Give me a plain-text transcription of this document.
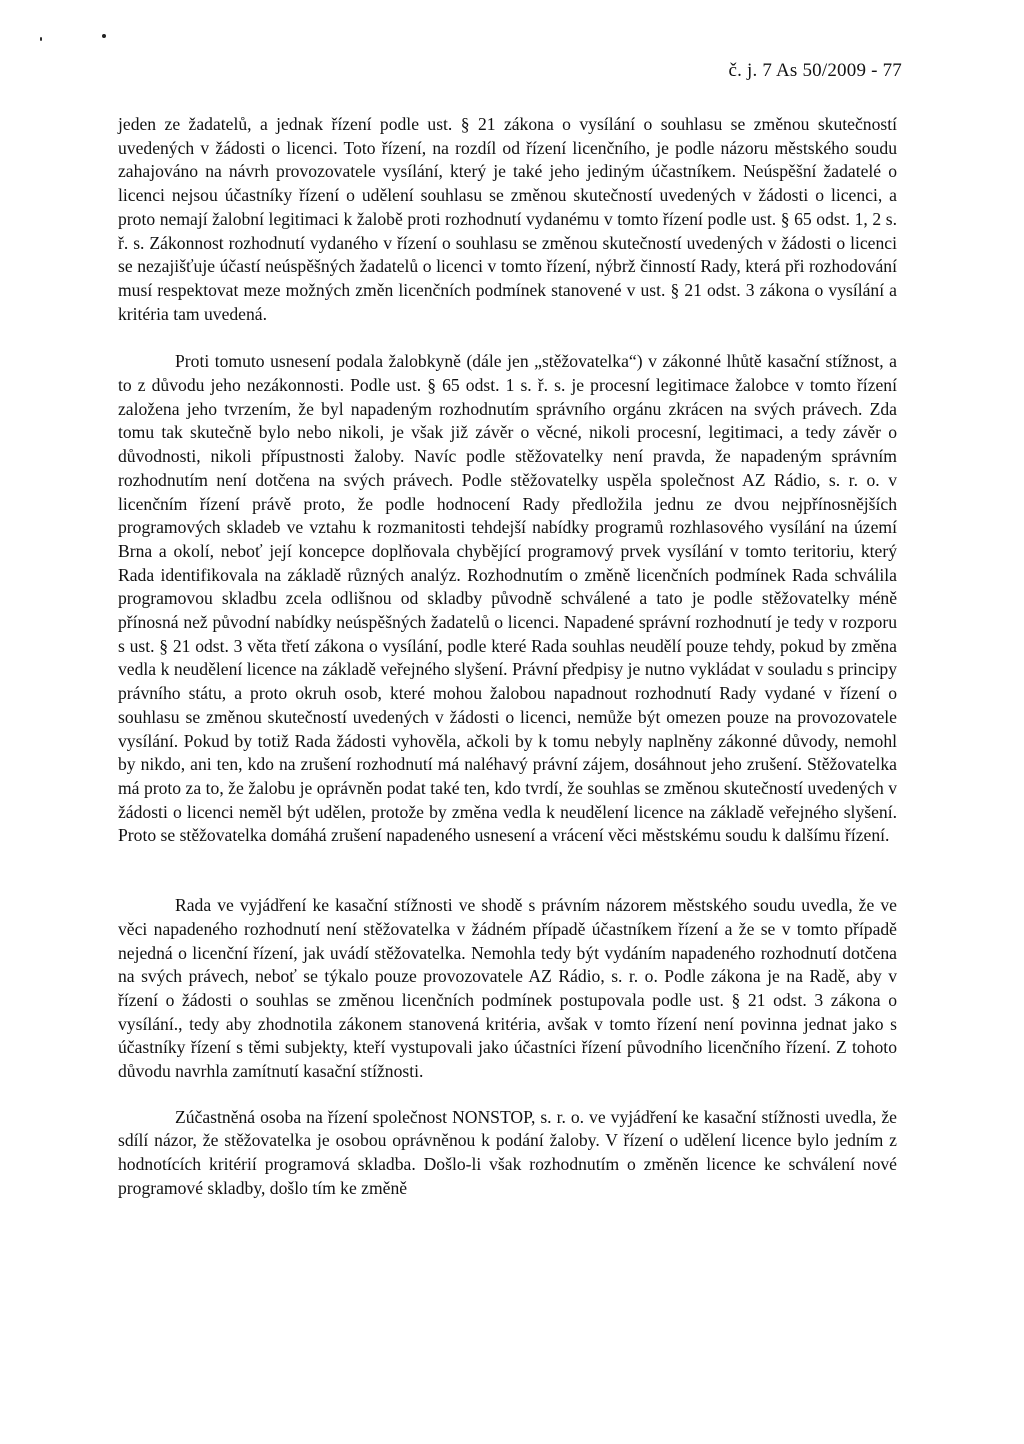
č. j. 7 As 50/2009 - 77

jeden ze žadatelů, a jednak řízení podle ust. § 21 zákona o vysílání o souhlasu se změnou skutečností uvedených v žádosti o licenci. Toto řízení, na rozdíl od řízení licenčního, je podle názoru městského soudu zahajováno na návrh provozovatele vysílání, který je také jeho jediným účastníkem. Neúspěšní žadatelé o licenci nejsou účastníky řízení o udělení souhlasu se změnou skutečností uvedených v žádosti o licenci, a proto nemají žalobní legitimaci k žalobě proti rozhodnutí vydanému v tomto řízení podle ust. § 65 odst. 1, 2 s. ř. s. Zákonnost rozhodnutí vydaného v řízení o souhlasu se změnou skutečností uvedených v žádosti o licenci se nezajišťuje účastí neúspěšných žadatelů o licenci v tomto řízení, nýbrž činností Rady, která při rozhodování musí respektovat meze možných změn licenčních podmínek stanovené v ust. § 21 odst. 3 zákona o vysílání a kritéria tam uvedená.

Proti tomuto usnesení podala žalobkyně (dále jen „stěžovatelka“) v zákonné lhůtě kasační stížnost, a to z důvodu jeho nezákonnosti. Podle ust. § 65 odst. 1 s. ř. s. je procesní legitimace žalobce v tomto řízení založena jeho tvrzením, že byl napadeným rozhodnutím správního orgánu zkrácen na svých právech. Zda tomu tak skutečně bylo nebo nikoli, je však již závěr o věcné, nikoli procesní, legitimaci, a tedy závěr o důvodnosti, nikoli přípustnosti žaloby. Navíc podle stěžovatelky není pravda, že napadeným správním rozhodnutím není dotčena na svých právech. Podle stěžovatelky uspěla společnost AZ Rádio, s. r. o. v licenčním řízení právě proto, že podle hodnocení Rady předložila jednu ze dvou nejpřínosnějších programových skladeb ve vztahu k rozmanitosti tehdejší nabídky programů rozhlasového vysílání na území Brna a okolí, neboť její koncepce doplňovala chybějící programový prvek vysílání v tomto teritoriu, který Rada identifikovala na základě různých analýz. Rozhodnutím o změně licenčních podmínek Rada schválila programovou skladbu zcela odlišnou od skladby původně schválené a tato je podle stěžovatelky méně přínosná než původní nabídky neúspěšných žadatelů o licenci. Napadené správní rozhodnutí je tedy v rozporu s ust. § 21 odst. 3 věta třetí zákona o vysílání, podle které Rada souhlas neudělí pouze tehdy, pokud by změna vedla k neudělení licence na základě veřejného slyšení. Právní předpisy je nutno vykládat v souladu s principy právního státu, a proto okruh osob, které mohou žalobou napadnout rozhodnutí Rady vydané v řízení o souhlasu se změnou skutečností uvedených v žádosti o licenci, nemůže být omezen pouze na provozovatele vysílání. Pokud by totiž Rada žádosti vyhověla, ačkoli by k tomu nebyly naplněny zákonné důvody, nemohl by nikdo, ani ten, kdo na zrušení rozhodnutí má naléhavý právní zájem, dosáhnout jeho zrušení. Stěžovatelka má proto za to, že žalobu je oprávněn podat také ten, kdo tvrdí, že souhlas se změnou skutečností uvedených v žádosti o licenci neměl být udělen, protože by změna vedla k neudělení licence na základě veřejného slyšení. Proto se stěžovatelka domáhá zrušení napadeného usnesení a vrácení věci městskému soudu k dalšímu řízení.

Rada ve vyjádření ke kasační stížnosti ve shodě s právním názorem městského soudu uvedla, že ve věci napadeného rozhodnutí není stěžovatelka v žádném případě účastníkem řízení a že se v tomto případě nejedná o licenční řízení, jak uvádí stěžovatelka. Nemohla tedy být vydáním napadeného rozhodnutí dotčena na svých právech, neboť se týkalo pouze provozovatele AZ Rádio, s. r. o. Podle zákona je na Radě, aby v řízení o žádosti o souhlas se změnou licenčních podmínek postupovala podle ust. § 21 odst. 3 zákona o vysílání., tedy aby zhodnotila zákonem stanovená kritéria, avšak v tomto řízení není povinna jednat jako s účastníky řízení s těmi subjekty, kteří vystupovali jako účastníci řízení původního licenčního řízení. Z tohoto důvodu navrhla zamítnutí kasační stížnosti.

Zúčastněná osoba na řízení společnost NONSTOP, s. r. o. ve vyjádření ke kasační stížnosti uvedla, že sdílí názor, že stěžovatelka je osobou oprávněnou k podání žaloby. V řízení o udělení licence bylo jedním z hodnotících kritérií programová skladba. Došlo-li však rozhodnutím o změněn licence ke schválení nové programové skladby, došlo tím ke změně
